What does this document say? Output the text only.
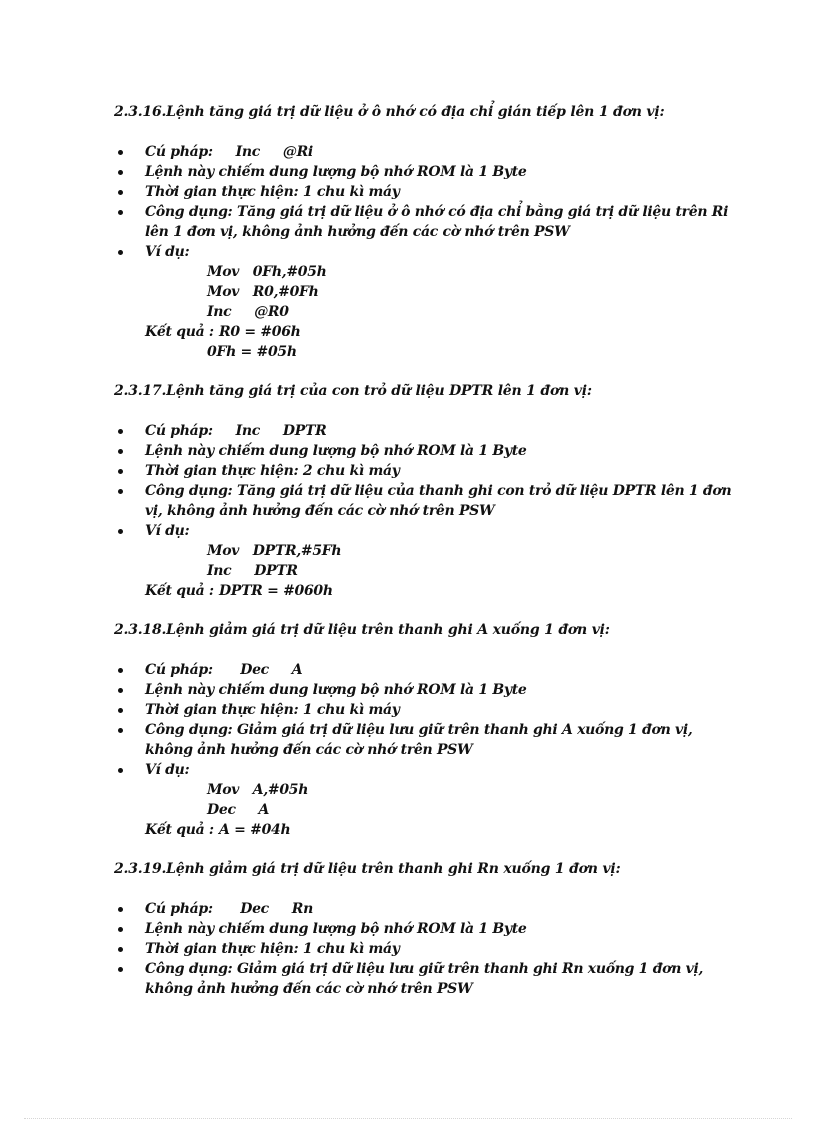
2.3.16.Lệnh tăng giá trị dữ liệu ở ô nhớ có địa chỉ gián tiếp lên 1 đơn vị:

Cú pháp:     Inc     @Ri
Lệnh này chiếm dung lượng bộ nhớ ROM là 1 Byte
Thời gian thực hiện: 1 chu kì máy
Công dụng: Tăng giá trị dữ liệu ở ô nhớ có địa chỉ bằng giá trị dữ liệu trên Ri lên 1 đơn vị, không ảnh hưởng đến các cờ nhớ trên PSW
Ví dụ:
Mov   0Fh,#05h
Mov   R0,#0Fh
Inc     @R0
Kết quả : R0 = #06h
0Fh = #05h

2.3.17.Lệnh tăng giá trị của con trỏ dữ liệu DPTR lên 1 đơn vị:

Cú pháp:     Inc     DPTR
Lệnh này chiếm dung lượng bộ nhớ ROM là 1 Byte
Thời gian thực hiện: 2 chu kì máy
Công dụng: Tăng giá trị dữ liệu của thanh ghi con trỏ dữ liệu DPTR lên 1 đơn vị, không ảnh hưởng đến các cờ nhớ trên PSW
Ví dụ:
Mov   DPTR,#5Fh
Inc     DPTR
Kết quả : DPTR = #060h

2.3.18.Lệnh giảm giá trị dữ liệu trên thanh ghi A xuống 1 đơn vị:

Cú pháp:      Dec     A
Lệnh này chiếm dung lượng bộ nhớ ROM là 1 Byte
Thời gian thực hiện: 1 chu kì máy
Công dụng: Giảm giá trị dữ liệu lưu giữ trên thanh ghi A xuống 1 đơn vị, không ảnh hưởng đến các cờ nhớ trên PSW
Ví dụ:
Mov   A,#05h
Dec     A
Kết quả : A = #04h

2.3.19.Lệnh giảm giá trị dữ liệu trên thanh ghi Rn xuống 1 đơn vị:

Cú pháp:      Dec     Rn
Lệnh này chiếm dung lượng bộ nhớ ROM là 1 Byte
Thời gian thực hiện: 1 chu kì máy
Công dụng: Giảm giá trị dữ liệu lưu giữ trên thanh ghi Rn xuống 1 đơn vị, không ảnh hưởng đến các cờ nhớ trên PSW
